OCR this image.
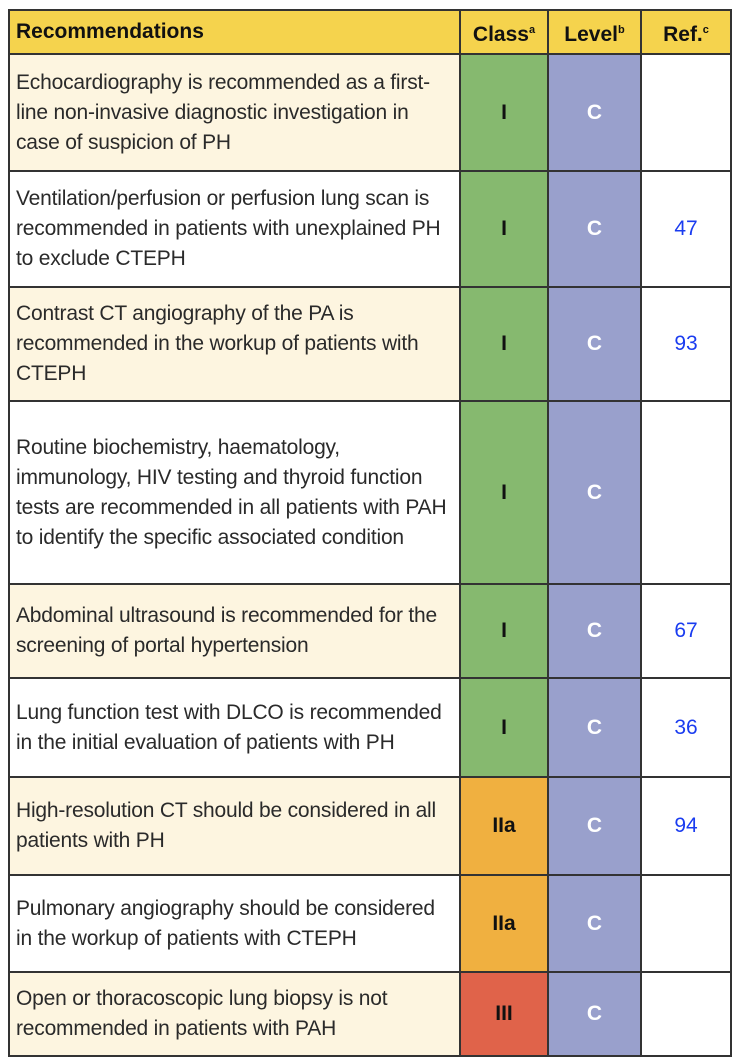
Recommendations	Class$^a$	Level$^b$	Ref.$^c$
Echocardiography is recommended as a first-line non-invasive diagnostic investigation in case of suspicion of PH	I	C	
Ventilation/perfusion or perfusion lung scan is recommended in patients with unexplained PH to exclude CTEPH	I	C	47
Contrast CT angiography of the PA is recommended in the workup of patients with CTEPH	I	C	93
Routine biochemistry, haematology, immunology, HIV testing and thyroid function tests are recommended in all patients with PAH to identify the specific associated condition	I	C	
Abdominal ultrasound is recommended for the screening of portal hypertension	I	C	67
Lung function test with DLCO is recommended in the initial evaluation of patients with PH	I	C	36
High-resolution CT should be considered in all patients with PH	IIa	C	94
Pulmonary angiography should be considered in the workup of patients with CTEPH	IIa	C	
Open or thoracoscopic lung biopsy is not recommended in patients with PAH	III	C	
